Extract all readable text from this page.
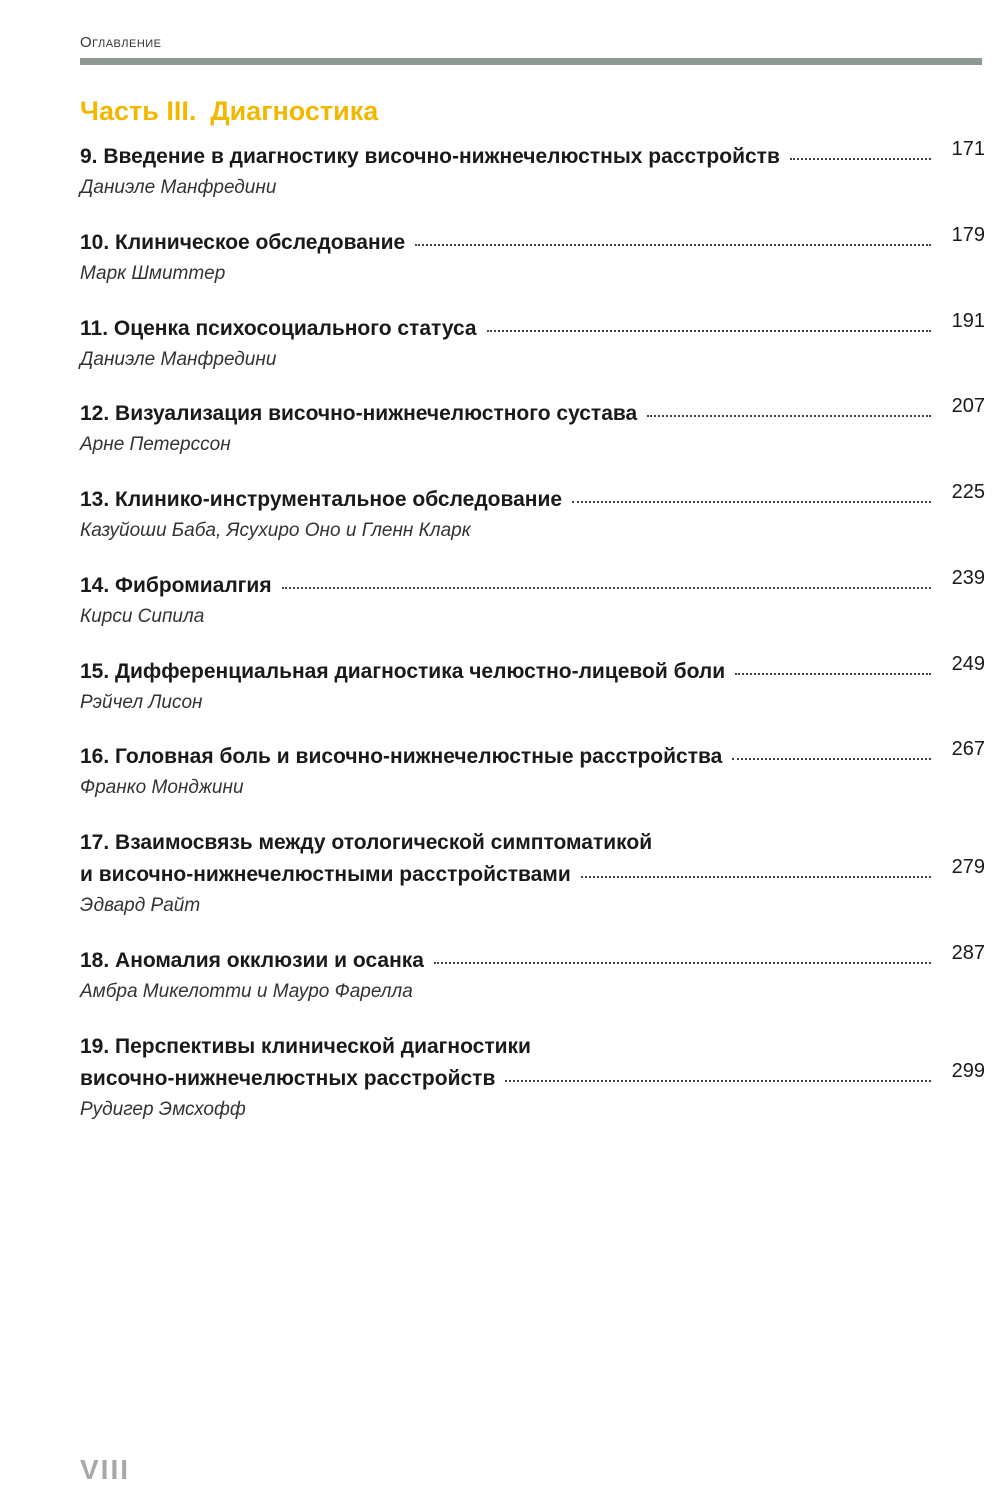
Оглавление
Часть III. Диагностика
9. Введение в диагностику височно-нижнечелюстных расстройств	171
Даниэле Манфредини
10. Клиническое обследование	179
Марк Шмиттер
11. Оценка психосоциального статуса	191
Даниэле Манфредини
12. Визуализация височно-нижнечелюстного сустава	207
Арне Петерссон
13. Клинико-инструментальное обследование	225
Казуйоши Баба, Ясухиро Оно и Гленн Кларк
14. Фибромиалгия	239
Кирси Сипила
15. Дифференциальная диагностика челюстно-лицевой боли	249
Рэйчел Лисон
16. Головная боль и височно-нижнечелюстные расстройства	267
Франко Монджини
17. Взаимосвязь между отологической симптоматикой
и височно-нижнечелюстными расстройствами	279
Эдвард Райт
18. Аномалия окклюзии и осанка	287
Амбра Микелотти и Мауро Фарелла
19. Перспективы клинической диагностики
височно-нижнечелюстных расстройств	299
Рудигер Эмсхофф
VIII
